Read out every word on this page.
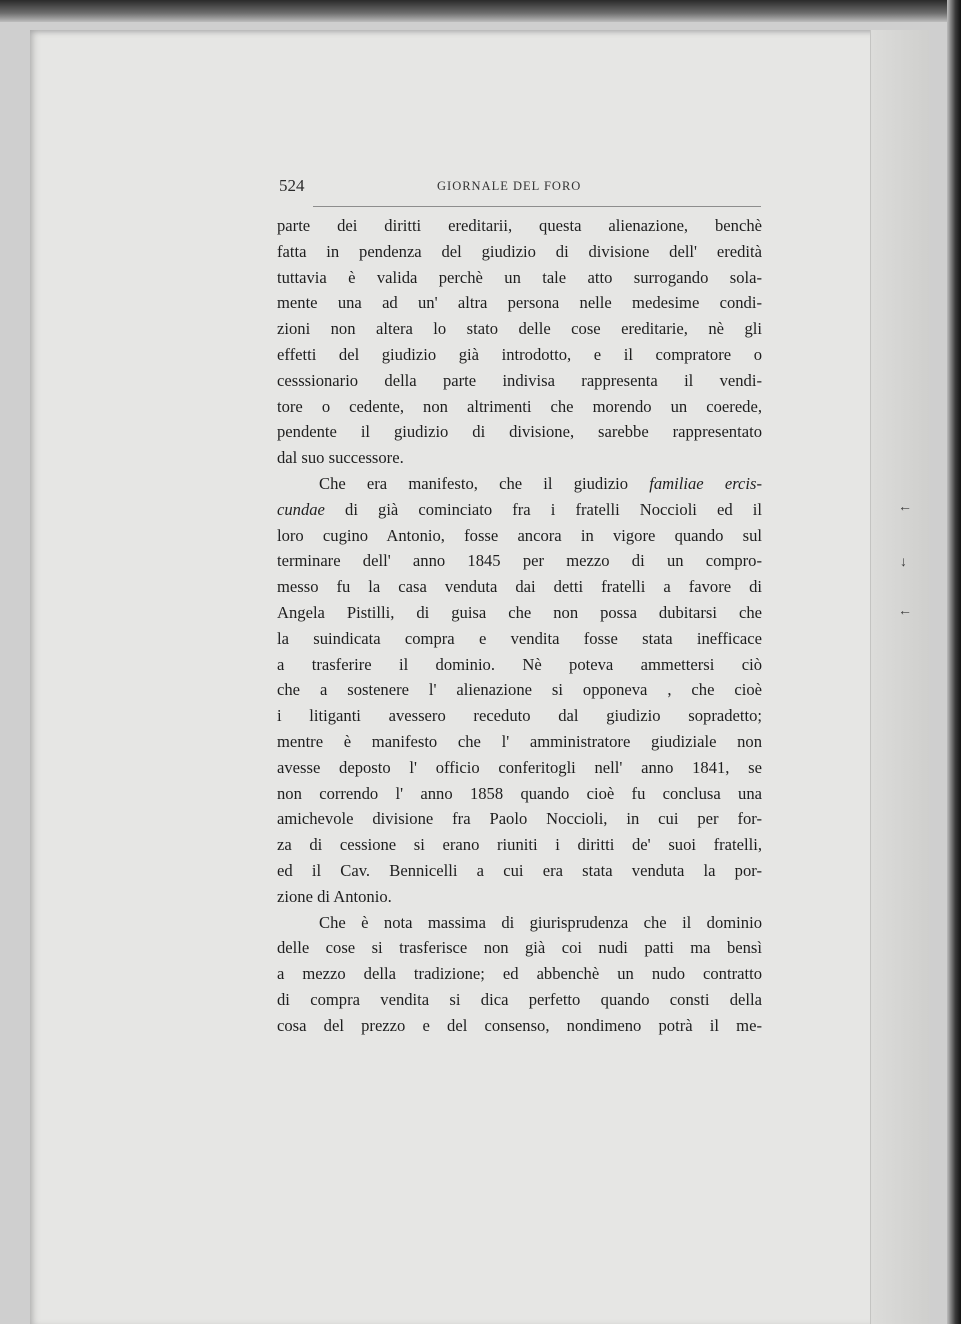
524	GIORNALE DEL FORO
parte dei diritti ereditarii, questa alienazione, benchè
fatta in pendenza del giudizio di divisione dell' eredità
tuttavia è valida perchè un tale atto surrogando sola-
mente una ad un' altra persona nelle medesime condi-
zioni non altera lo stato delle cose ereditarie, nè gli
effetti del giudizio già introdotto, e il compratore o
cesssionario della parte indivisa rappresenta il vendi-
tore o cedente, non altrimenti che morendo un coerede,
pendente il giudizio di divisione, sarebbe rappresentato
dal suo successore.
Che era manifesto, che il giudizio familiae ercis-
cundae di già cominciato fra i fratelli Noccioli ed il
loro cugino Antonio, fosse ancora in vigore quando sul
terminare dell' anno 1845 per mezzo di un compro-
messo fu la casa venduta dai detti fratelli a favore di
Angela Pistilli, di guisa che non possa dubitarsi che
la suindicata compra e vendita fosse stata inefficace
a trasferire il dominio. Nè poteva ammettersi ciò
che a sostenere l' alienazione si opponeva , che cioè
i litiganti avessero receduto dal giudizio sopradetto;
mentre è manifesto che l' amministratore giudiziale non
avesse deposto l' officio conferitogli nell' anno 1841, se
non correndo l' anno 1858 quando cioè fu conclusa una
amichevole divisione fra Paolo Noccioli, in cui per for-
za di cessione si erano riuniti i diritti de' suoi fratelli,
ed il Cav. Bennicelli a cui era stata venduta la por-
zione di Antonio.
Che è nota massima di giurisprudenza che il dominio
delle cose si trasferisce non già coi nudi patti ma bensì
a mezzo della tradizione; ed abbenchè un nudo contratto
di compra vendita si dica perfetto quando consti della
cosa del prezzo e del consenso, nondimeno potrà il me-
←
←
↓
